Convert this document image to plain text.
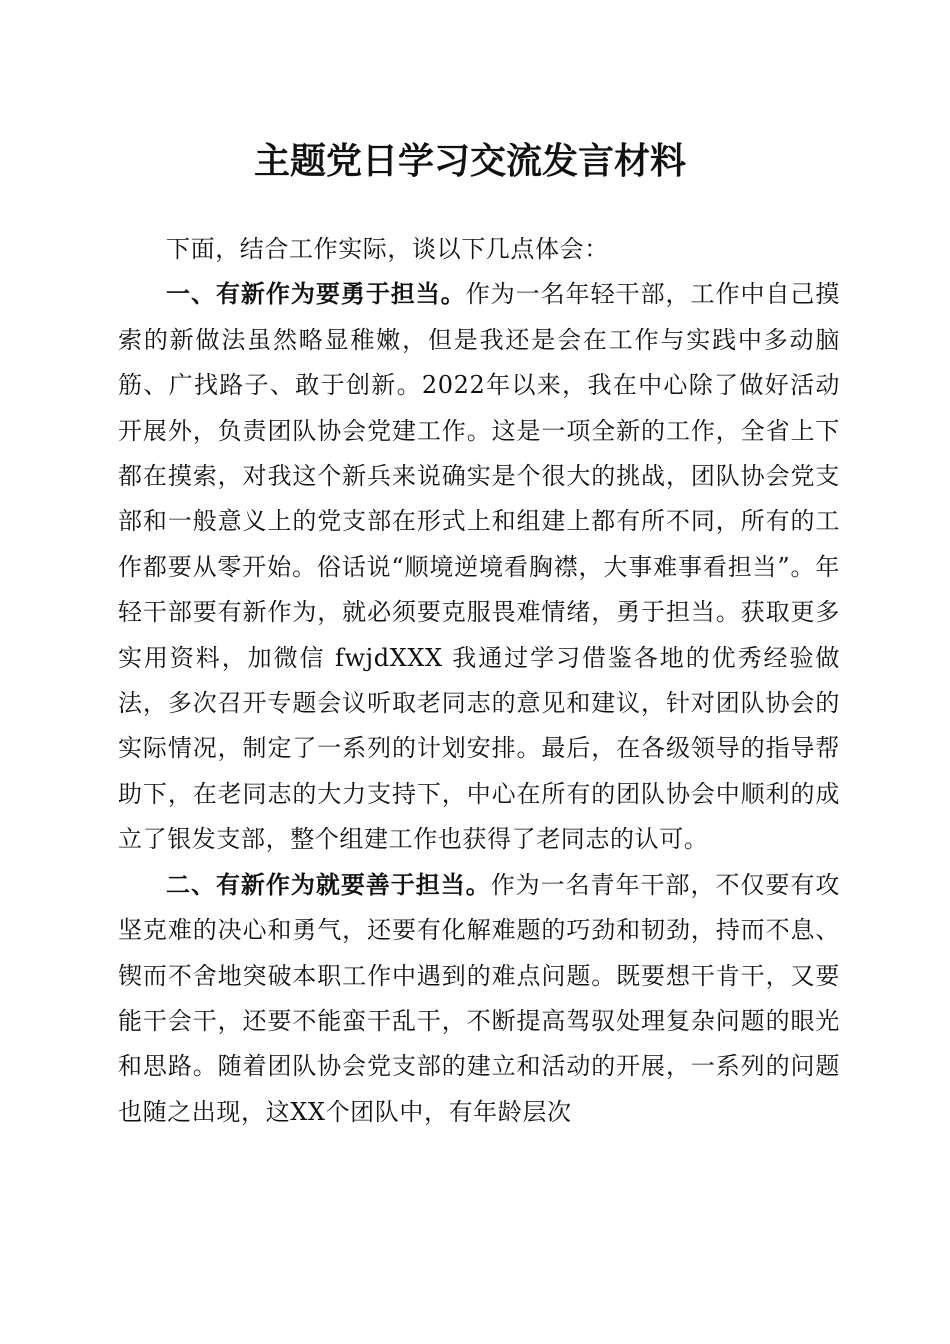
主题党日学习交流发言材料

下面，结合工作实际，谈以下几点体会：

一、有新作为要勇于担当。作为一名年轻干部，工作中自己摸索的新做法虽然略显稚嫩，但是我还是会在工作与实践中多动脑筋、广找路子、敢于创新。2022年以来，我在中心除了做好活动开展外，负责团队协会党建工作。这是一项全新的工作，全省上下都在摸索，对我这个新兵来说确实是个很大的挑战，团队协会党支部和一般意义上的党支部在形式上和组建上都有所不同，所有的工作都要从零开始。俗话说“顺境逆境看胸襟，大事难事看担当”。年轻干部要有新作为，就必须要克服畏难情绪，勇于担当。获取更多实用资料，加微信 fwjdXXX 我通过学习借鉴各地的优秀经验做法，多次召开专题会议听取老同志的意见和建议，针对团队协会的实际情况，制定了一系列的计划安排。最后，在各级领导的指导帮助下，在老同志的大力支持下，中心在所有的团队协会中顺利的成立了银发支部，整个组建工作也获得了老同志的认可。

二、有新作为就要善于担当。作为一名青年干部，不仅要有攻坚克难的决心和勇气，还要有化解难题的巧劲和韧劲，持而不息、锲而不舍地突破本职工作中遇到的难点问题。既要想干肯干，又要能干会干，还要不能蛮干乱干，不断提高驾驭处理复杂问题的眼光和思路。随着团队协会党支部的建立和活动的开展，一系列的问题也随之出现，这XX个团队中，有年龄层次
